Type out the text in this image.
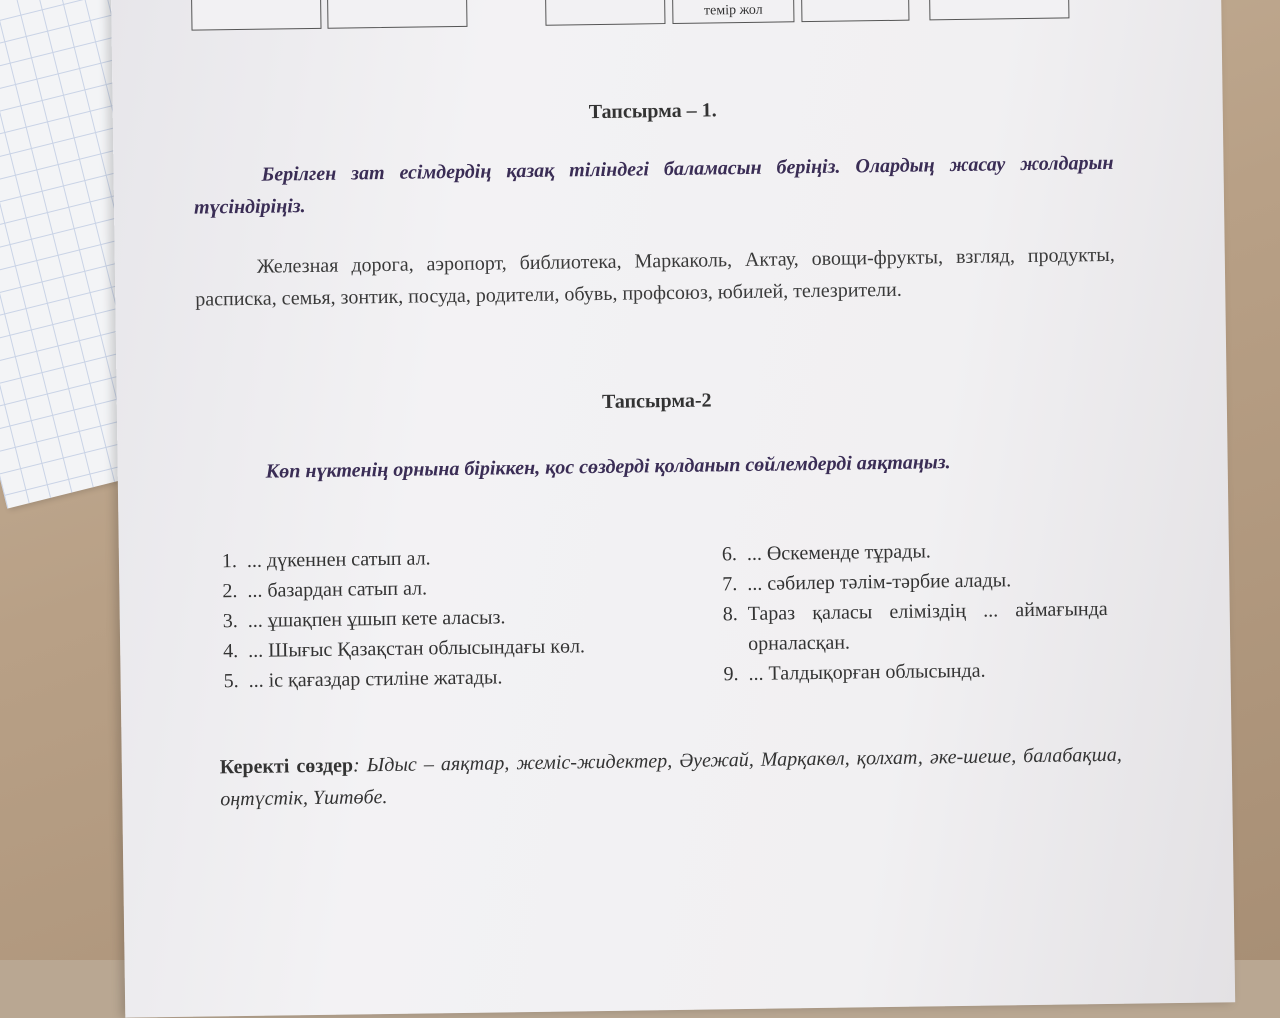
темір жол
Тапсырма – 1.
Берілген зат есімдердің қазақ тіліндегі баламасын беріңіз. Олардың жасау жолдарын түсіндіріңіз.
Железная дорога, аэропорт, библиотека, Маркаколь, Актау, овощи-фрукты, взгляд, продукты, расписка, семья, зонтик, посуда, родители, обувь, профсоюз, юбилей, телезрители.
Тапсырма-2
Көп нүктенің орнына біріккен, қос сөздерді қолданып сөйлемдерді аяқтаңыз.
1. ... дүкеннен сатып ал.
2. ... базардан сатып ал.
3. ... ұшақпен ұшып кете аласыз.
4. ... Шығыс Қазақстан облысындағы көл.
5. ... іс қағаздар стиліне жатады.
6. ... Өскеменде тұрады.
7. ... сәбилер тәлім-тәрбие алады.
8. Тараз қаласы еліміздің ... аймағында орналасқан.
9. ... Талдықорған облысында.
Керекті сөздер: Ыдыс – аяқтар, жеміс-жидектер, Әуежай, Марқакөл, қолхат, әке-шеше, балабақша, оңтүстік, Үштөбе.
